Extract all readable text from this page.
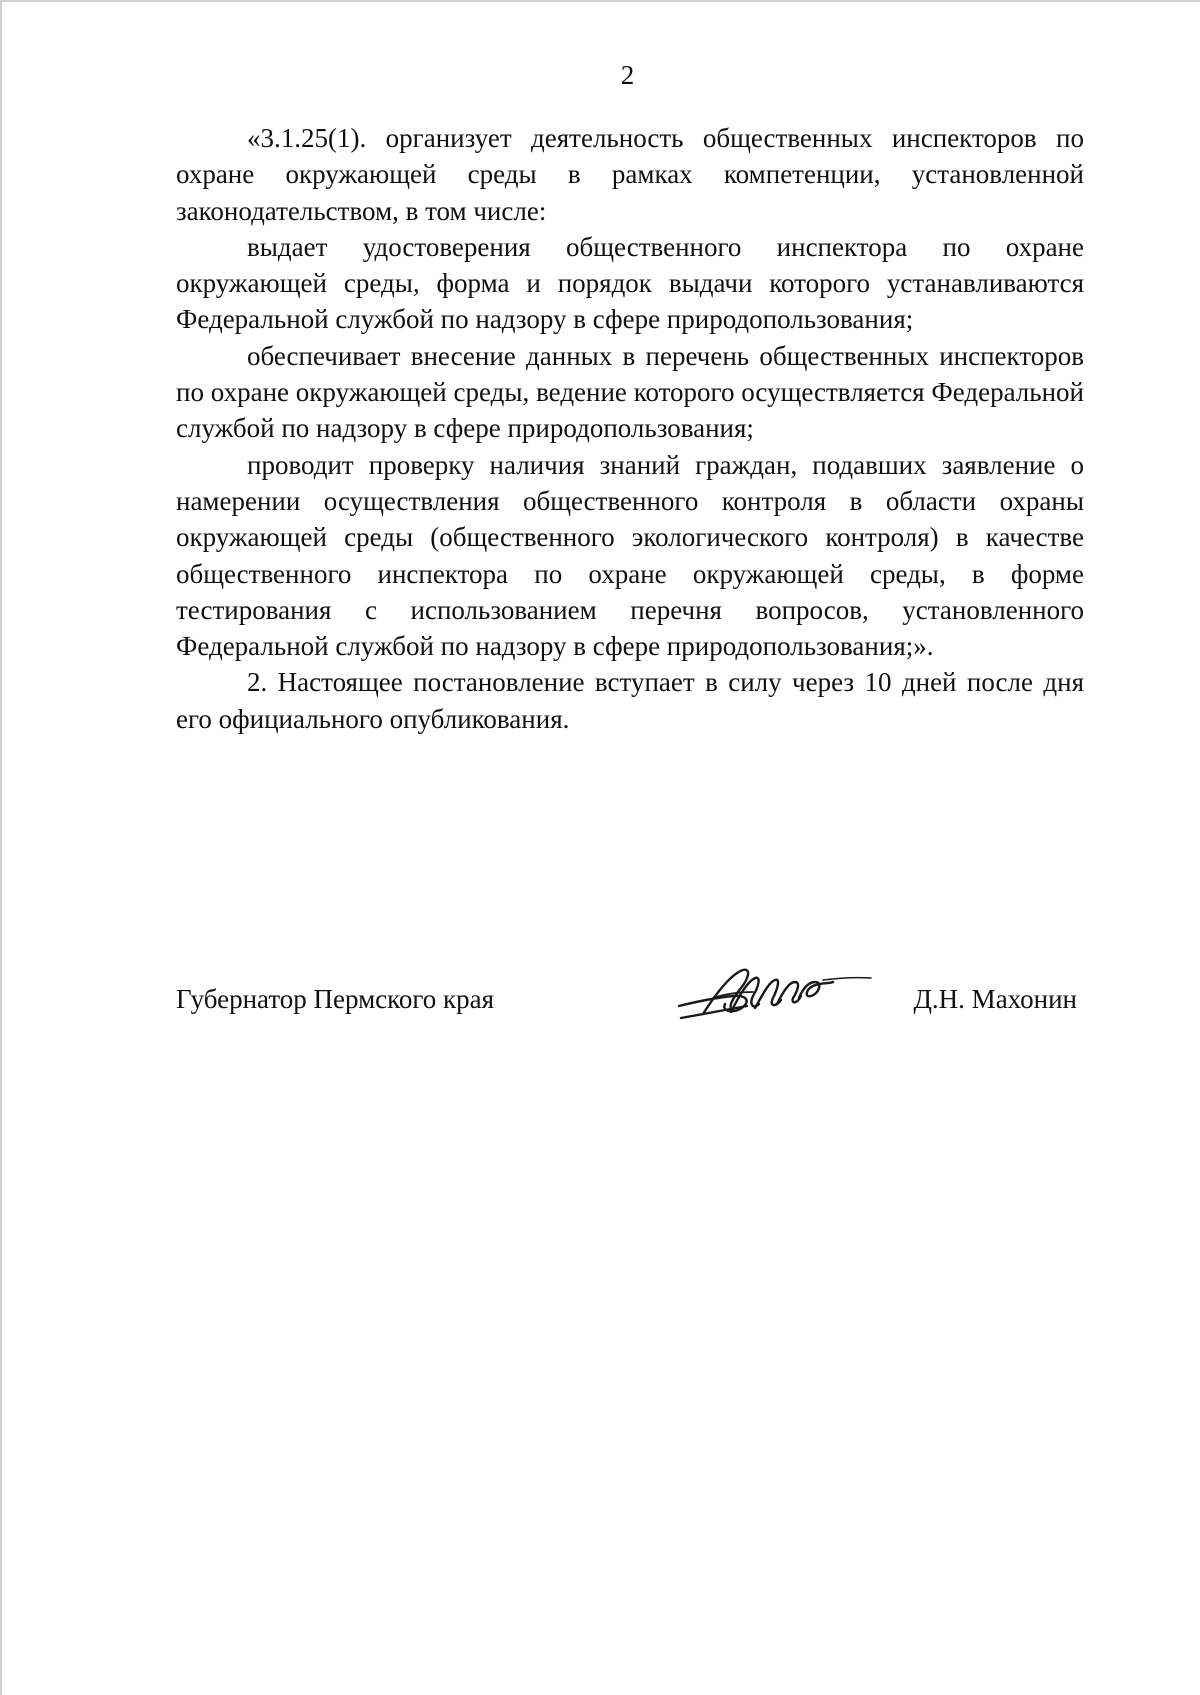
2

«3.1.25(1). организует деятельность общественных инспекторов по охране окружающей среды в рамках компетенции, установленной законодательством, в том числе:

выдает удостоверения общественного инспектора по охране окружающей среды, форма и порядок выдачи которого устанавливаются Федеральной службой по надзору в сфере природопользования;

обеспечивает внесение данных в перечень общественных инспекторов по охране окружающей среды, ведение которого осуществляется Федеральной службой по надзору в сфере природопользования;

проводит проверку наличия знаний граждан, подавших заявление о намерении осуществления общественного контроля в области охраны окружающей среды (общественного экологического контроля) в качестве общественного инспектора по охране окружающей среды, в форме тестирования с использованием перечня вопросов, установленного Федеральной службой по надзору в сфере природопользования;».

2. Настоящее постановление вступает в силу через 10 дней после дня его официального опубликования.

Губернатор Пермского края	Д.Н. Махонин
